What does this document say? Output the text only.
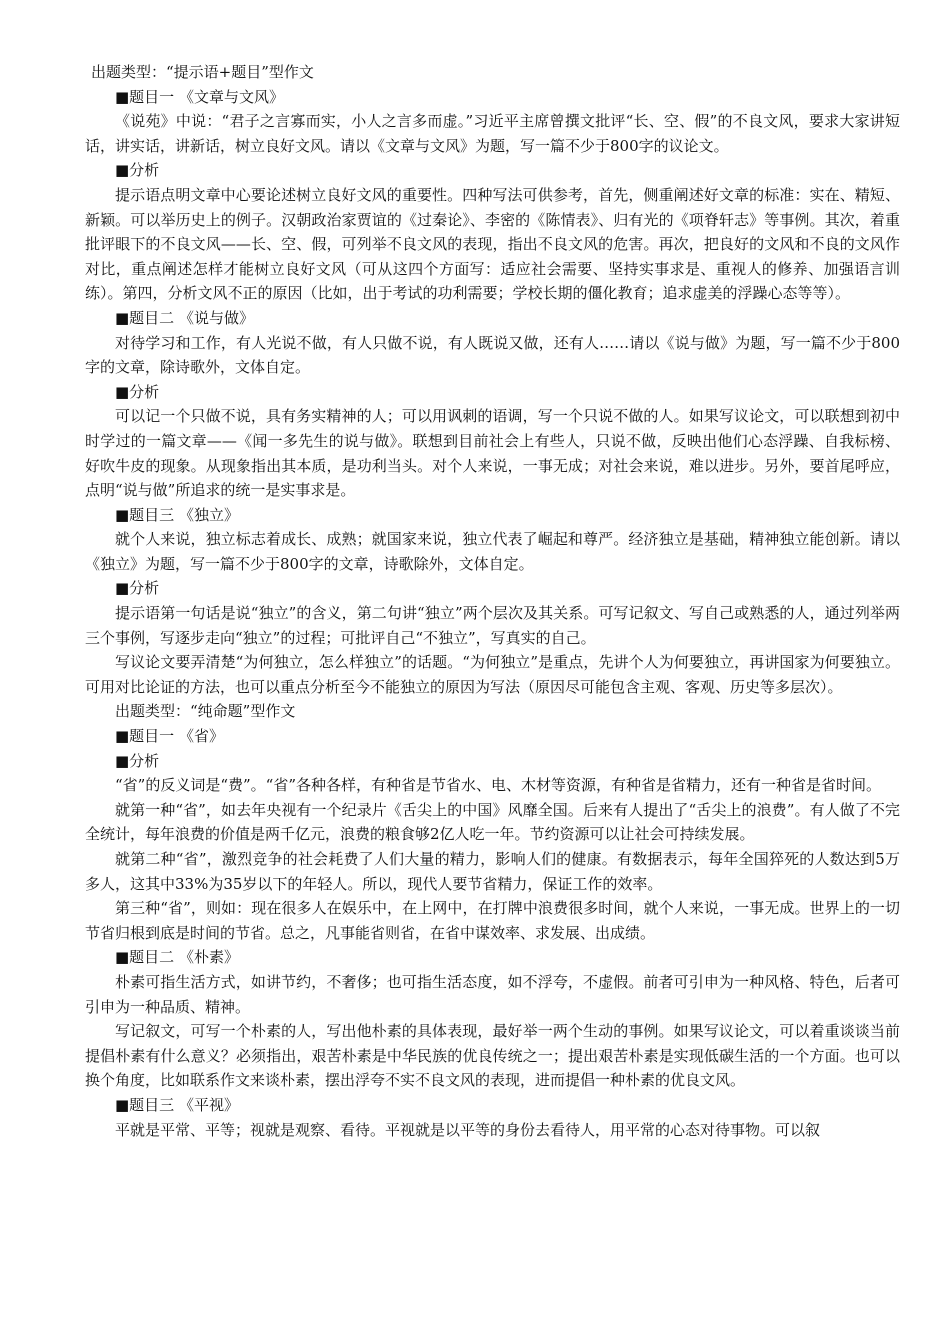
出题类型：“提示语+题目”型作文

■题目一 《文章与文风》

《说苑》中说：“君子之言寡而实，小人之言多而虚。”习近平主席曾撰文批评“长、空、假”的不良文风，要求大家讲短话，讲实话，讲新话，树立良好文风。请以《文章与文风》为题，写一篇不少于800字的议论文。

■分析

提示语点明文章中心要论述树立良好文风的重要性。四种写法可供参考，首先，侧重阐述好文章的标准：实在、精短、新颖。可以举历史上的例子。汉朝政治家贾谊的《过秦论》、李密的《陈情表》、归有光的《项脊轩志》等事例。其次，着重批评眼下的不良文风——长、空、假，可列举不良文风的表现，指出不良文风的危害。再次，把良好的文风和不良的文风作对比，重点阐述怎样才能树立良好文风（可从这四个方面写：适应社会需要、坚持实事求是、重视人的修养、加强语言训练）。第四，分析文风不正的原因（比如，出于考试的功利需要；学校长期的僵化教育；追求虚美的浮躁心态等等）。

■题目二 《说与做》

对待学习和工作，有人光说不做，有人只做不说，有人既说又做，还有人……请以《说与做》为题，写一篇不少于800字的文章，除诗歌外，文体自定。

■分析

可以记一个只做不说，具有务实精神的人；可以用讽刺的语调，写一个只说不做的人。如果写议论文，可以联想到初中时学过的一篇文章——《闻一多先生的说与做》。联想到目前社会上有些人，只说不做，反映出他们心态浮躁、自我标榜、好吹牛皮的现象。从现象指出其本质，是功利当头。对个人来说，一事无成；对社会来说，难以进步。另外，要首尾呼应，点明“说与做”所追求的统一是实事求是。

■题目三 《独立》

就个人来说，独立标志着成长、成熟；就国家来说，独立代表了崛起和尊严。经济独立是基础，精神独立能创新。请以《独立》为题，写一篇不少于800字的文章，诗歌除外，文体自定。

■分析

提示语第一句话是说“独立”的含义，第二句讲“独立”两个层次及其关系。可写记叙文、写自己或熟悉的人，通过列举两三个事例，写逐步走向“独立”的过程；可批评自己“不独立”，写真实的自己。

写议论文要弄清楚“为何独立，怎么样独立”的话题。“为何独立”是重点，先讲个人为何要独立，再讲国家为何要独立。可用对比论证的方法，也可以重点分析至今不能独立的原因为写法（原因尽可能包含主观、客观、历史等多层次）。

出题类型：“纯命题”型作文

■题目一 《省》

■分析

“省”的反义词是“费”。“省”各种各样，有种省是节省水、电、木材等资源，有种省是省精力，还有一种省是省时间。

就第一种“省”，如去年央视有一个纪录片《舌尖上的中国》风靡全国。后来有人提出了“舌尖上的浪费”。有人做了不完全统计，每年浪费的价值是两千亿元，浪费的粮食够2亿人吃一年。节约资源可以让社会可持续发展。

就第二种“省”，激烈竞争的社会耗费了人们大量的精力，影响人们的健康。有数据表示，每年全国猝死的人数达到5万多人，这其中33%为35岁以下的年轻人。所以，现代人要节省精力，保证工作的效率。

第三种“省”，则如：现在很多人在娱乐中，在上网中，在打牌中浪费很多时间，就个人来说，一事无成。世界上的一切节省归根到底是时间的节省。总之，凡事能省则省，在省中谋效率、求发展、出成绩。

■题目二 《朴素》

朴素可指生活方式，如讲节约，不奢侈；也可指生活态度，如不浮夸，不虚假。前者可引申为一种风格、特色，后者可引申为一种品质、精神。

写记叙文，可写一个朴素的人，写出他朴素的具体表现，最好举一两个生动的事例。如果写议论文，可以着重谈谈当前提倡朴素有什么意义？必须指出，艰苦朴素是中华民族的优良传统之一；提出艰苦朴素是实现低碳生活的一个方面。也可以换个角度，比如联系作文来谈朴素，摆出浮夸不实不良文风的表现，进而提倡一种朴素的优良文风。

■题目三 《平视》

平就是平常、平等；视就是观察、看待。平视就是以平等的身份去看待人，用平常的心态对待事物。可以叙
